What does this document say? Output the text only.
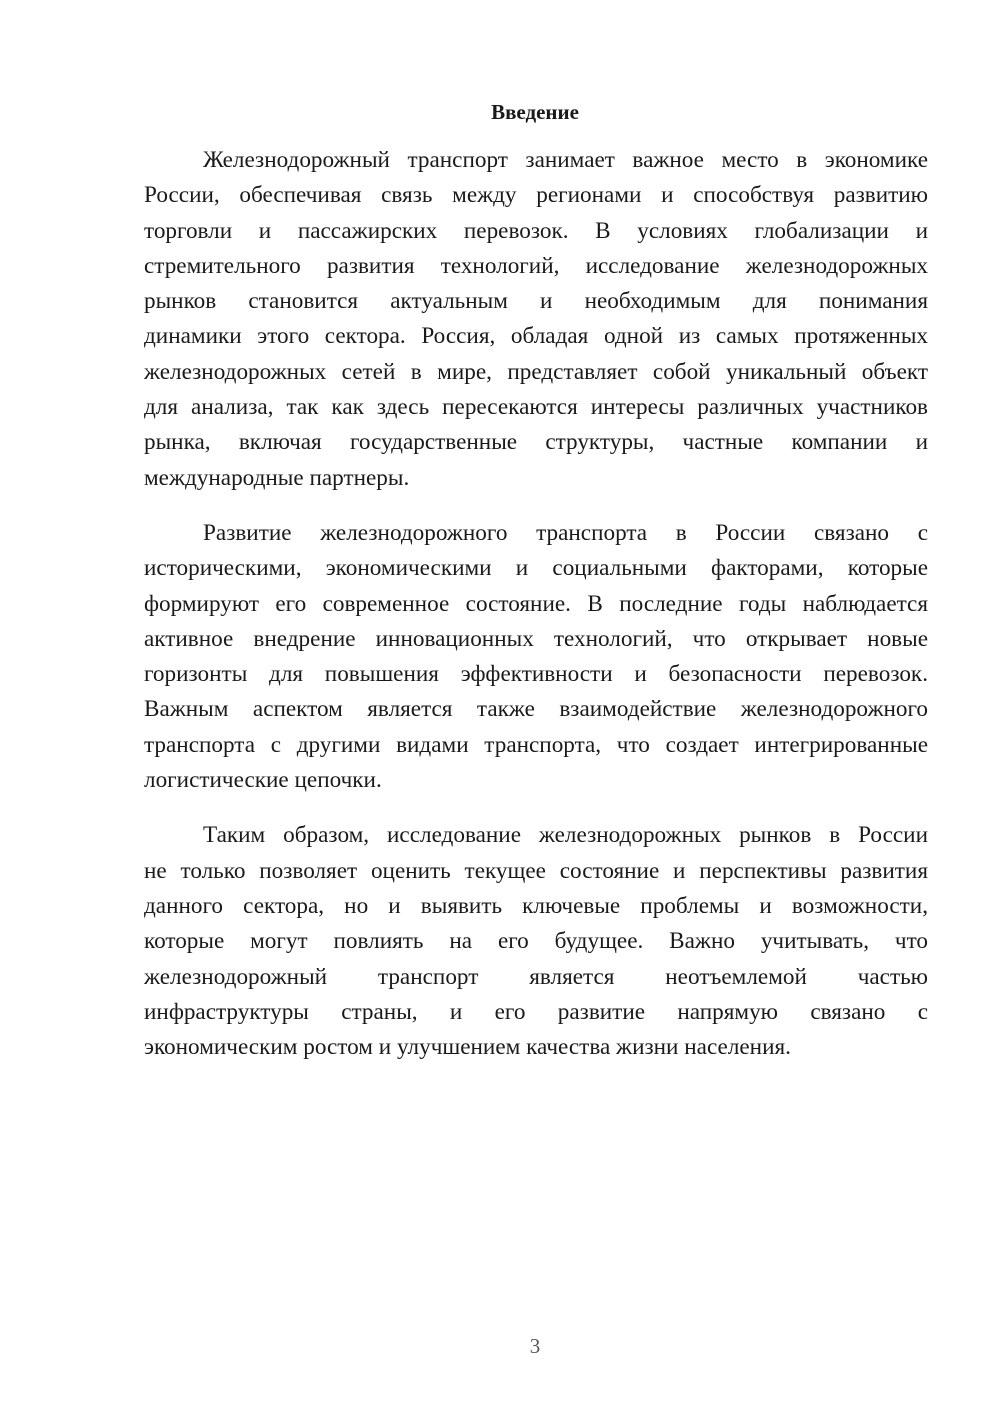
Введение

Железнодорожный транспорт занимает важное место в экономике
России, обеспечивая связь между регионами и способствуя развитию
торговли и пассажирских перевозок. В условиях глобализации и
стремительного развития технологий, исследование железнодорожных
рынков становится актуальным и необходимым для понимания
динамики этого сектора. Россия, обладая одной из самых протяженных
железнодорожных сетей в мире, представляет собой уникальный объект
для анализа, так как здесь пересекаются интересы различных участников
рынка, включая государственные структуры, частные компании и
международные партнеры.

Развитие железнодорожного транспорта в России связано с
историческими, экономическими и социальными факторами, которые
формируют его современное состояние. В последние годы наблюдается
активное внедрение инновационных технологий, что открывает новые
горизонты для повышения эффективности и безопасности перевозок.
Важным аспектом является также взаимодействие железнодорожного
транспорта с другими видами транспорта, что создает интегрированные
логистические цепочки.

Таким образом, исследование железнодорожных рынков в России
не только позволяет оценить текущее состояние и перспективы развития
данного сектора, но и выявить ключевые проблемы и возможности,
которые могут повлиять на его будущее. Важно учитывать, что
железнодорожный транспорт является неотъемлемой частью
инфраструктуры страны, и его развитие напрямую связано с
экономическим ростом и улучшением качества жизни населения.

3
